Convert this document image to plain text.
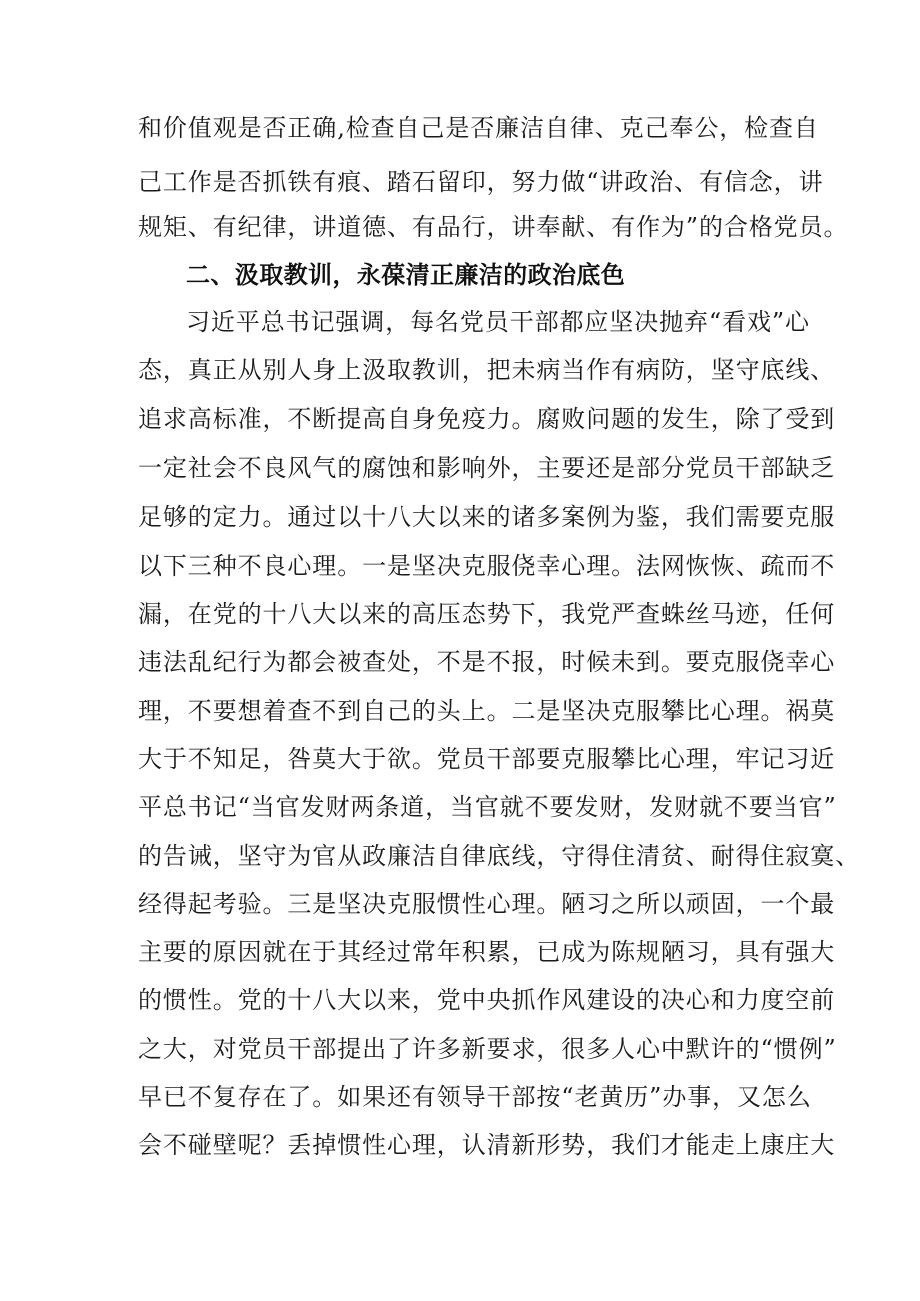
和价值观是否正确,检查自己是否廉洁自律、克己奉公，检查自
己工作是否抓铁有痕、踏石留印，努力做“讲政治、有信念，讲
规矩、有纪律，讲道德、有品行，讲奉献、有作为”的合格党员。
二、汲取教训，永葆清正廉洁的政治底色
习近平总书记强调，每名党员干部都应坚决抛弃“看戏”心
态，真正从别人身上汲取教训，把未病当作有病防，坚守底线、
追求高标准，不断提高自身免疫力。腐败问题的发生，除了受到
一定社会不良风气的腐蚀和影响外，主要还是部分党员干部缺乏
足够的定力。通过以十八大以来的诸多案例为鉴，我们需要克服
以下三种不良心理。一是坚决克服侥幸心理。法网恢恢、疏而不
漏，在党的十八大以来的高压态势下，我党严查蛛丝马迹，任何
违法乱纪行为都会被查处，不是不报，时候未到。要克服侥幸心
理，不要想着查不到自己的头上。二是坚决克服攀比心理。祸莫
大于不知足，咎莫大于欲。党员干部要克服攀比心理，牢记习近
平总书记“当官发财两条道，当官就不要发财，发财就不要当官”
的告诫，坚守为官从政廉洁自律底线，守得住清贫、耐得住寂寞、
经得起考验。三是坚决克服惯性心理。陋习之所以顽固，一个最
主要的原因就在于其经过常年积累，已成为陈规陋习，具有强大
的惯性。党的十八大以来，党中央抓作风建设的决心和力度空前
之大，对党员干部提出了许多新要求，很多人心中默许的“惯例”
早已不复存在了。如果还有领导干部按“老黄历”办事，又怎么
会不碰壁呢？丢掉惯性心理，认清新形势，我们才能走上康庄大
